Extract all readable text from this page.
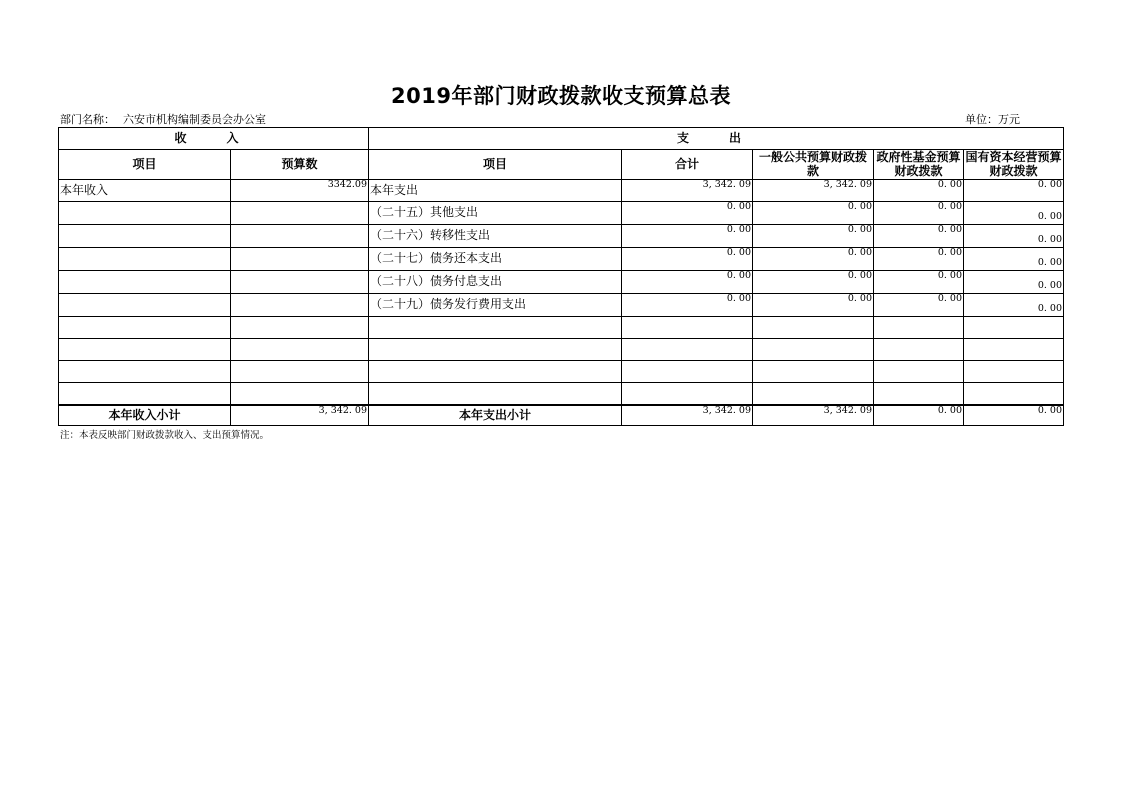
2019年部门财政拨款收支预算总表
部门名称： 六安市机构编制委员会办公室	单位：万元
收　入		支　出				
项目	预算数	项目	合计	一般公共预算财政拨款	政府性基金预算财政拨款	国有资本经营预算财政拨款
本年收入	3342.09	本年支出	3, 342. 09	3, 342. 09	0. 00	0. 00
		（二十五）其他支出	0. 00	0. 00	0. 00	0. 00
		（二十六）转移性支出	0. 00	0. 00	0. 00	0. 00
		（二十七）债务还本支出	0. 00	0. 00	0. 00	0. 00
		（二十八）债务付息支出	0. 00	0. 00	0. 00	0. 00
		（二十九）债务发行费用支出	0. 00	0. 00	0. 00	0. 00

本年收入小计	3, 342. 09	本年支出小计	3, 342. 09	3, 342. 09	0. 00	0. 00
注：本表反映部门财政拨款收入、支出预算情况。
